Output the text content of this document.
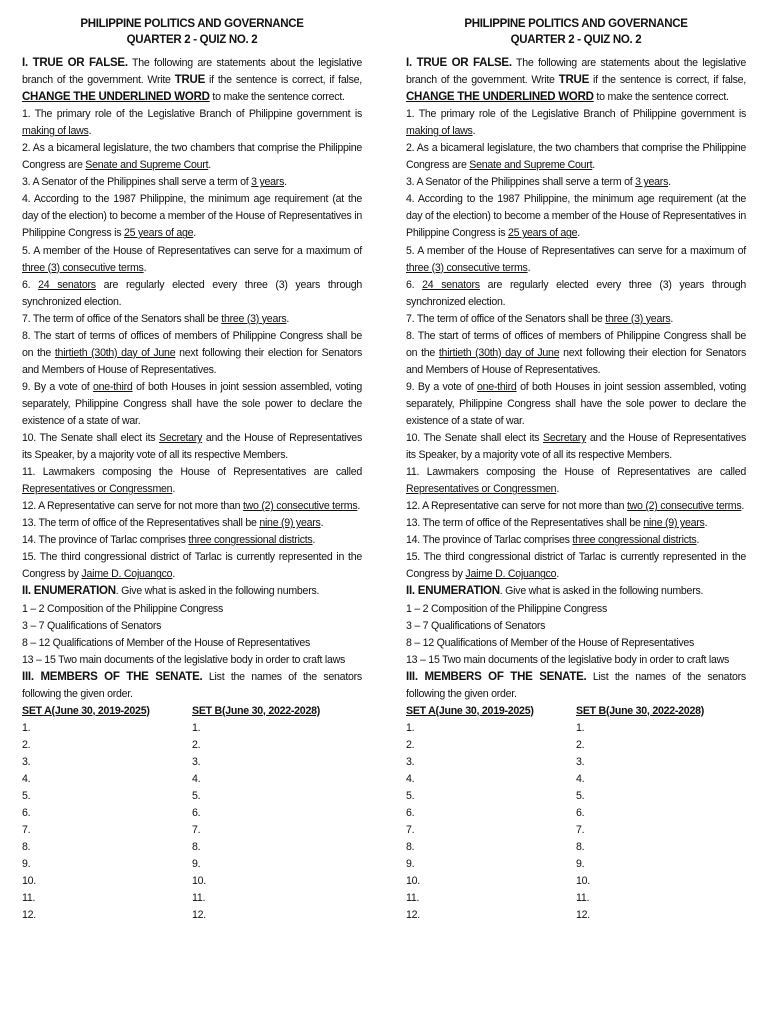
PHILIPPINE POLITICS AND GOVERNANCE
QUARTER 2 - QUIZ NO. 2
I. TRUE OR FALSE. The following are statements about the legislative branch of the government. Write TRUE if the sentence is correct, if false, CHANGE THE UNDERLINED WORD to make the sentence correct.
1. The primary role of the Legislative Branch of Philippine government is making of laws.
2. As a bicameral legislature, the two chambers that comprise the Philippine Congress are Senate and Supreme Court.
3. A Senator of the Philippines shall serve a term of 3 years.
4. According to the 1987 Philippine, the minimum age requirement (at the day of the election) to become a member of the House of Representatives in Philippine Congress is 25 years of age.
5. A member of the House of Representatives can serve for a maximum of three (3) consecutive terms.
6. 24 senators are regularly elected every three (3) years through synchronized election.
7. The term of office of the Senators shall be three (3) years.
8. The start of terms of offices of members of Philippine Congress shall be on the thirtieth (30th) day of June next following their election for Senators and Members of House of Representatives.
9. By a vote of one-third of both Houses in joint session assembled, voting separately, Philippine Congress shall have the sole power to declare the existence of a state of war.
10. The Senate shall elect its Secretary and the House of Representatives its Speaker, by a majority vote of all its respective Members.
11. Lawmakers composing the House of Representatives are called Representatives or Congressmen.
12. A Representative can serve for not more than two (2) consecutive terms.
13. The term of office of the Representatives shall be nine (9) years.
14. The province of Tarlac comprises three congressional districts.
15. The third congressional district of Tarlac is currently represented in the Congress by Jaime D. Cojuangco.
II. ENUMERATION. Give what is asked in the following numbers.
1 – 2 Composition of the Philippine Congress
3 – 7 Qualifications of Senators
8 – 12 Qualifications of Member of the House of Representatives
13 – 15 Two main documents of the legislative body in order to craft laws
III. MEMBERS OF THE SENATE. List the names of the senators following the given order.
SET A(June 30, 2019-2025)
1.
2.
3.
4.
5.
6.
7.
8.
9.
10.
11.
12.
SET B(June 30, 2022-2028)
1.
2.
3.
4.
5.
6.
7.
8.
9.
10.
11.
12.
PHILIPPINE POLITICS AND GOVERNANCE
QUARTER 2 - QUIZ NO. 2
I. TRUE OR FALSE. The following are statements about the legislative branch of the government. Write TRUE if the sentence is correct, if false, CHANGE THE UNDERLINED WORD to make the sentence correct.
1. The primary role of the Legislative Branch of Philippine government is making of laws.
2. As a bicameral legislature, the two chambers that comprise the Philippine Congress are Senate and Supreme Court.
3. A Senator of the Philippines shall serve a term of 3 years.
4. According to the 1987 Philippine, the minimum age requirement (at the day of the election) to become a member of the House of Representatives in Philippine Congress is 25 years of age.
5. A member of the House of Representatives can serve for a maximum of three (3) consecutive terms.
6. 24 senators are regularly elected every three (3) years through synchronized election.
7. The term of office of the Senators shall be three (3) years.
8. The start of terms of offices of members of Philippine Congress shall be on the thirtieth (30th) day of June next following their election for Senators and Members of House of Representatives.
9. By a vote of one-third of both Houses in joint session assembled, voting separately, Philippine Congress shall have the sole power to declare the existence of a state of war.
10. The Senate shall elect its Secretary and the House of Representatives its Speaker, by a majority vote of all its respective Members.
11. Lawmakers composing the House of Representatives are called Representatives or Congressmen.
12. A Representative can serve for not more than two (2) consecutive terms.
13. The term of office of the Representatives shall be nine (9) years.
14. The province of Tarlac comprises three congressional districts.
15. The third congressional district of Tarlac is currently represented in the Congress by Jaime D. Cojuangco.
II. ENUMERATION. Give what is asked in the following numbers.
1 – 2 Composition of the Philippine Congress
3 – 7 Qualifications of Senators
8 – 12 Qualifications of Member of the House of Representatives
13 – 15 Two main documents of the legislative body in order to craft laws
III. MEMBERS OF THE SENATE. List the names of the senators following the given order.
SET A(June 30, 2019-2025)
1.
2.
3.
4.
5.
6.
7.
8.
9.
10.
11.
12.
SET B(June 30, 2022-2028)
1.
2.
3.
4.
5.
6.
7.
8.
9.
10.
11.
12.
